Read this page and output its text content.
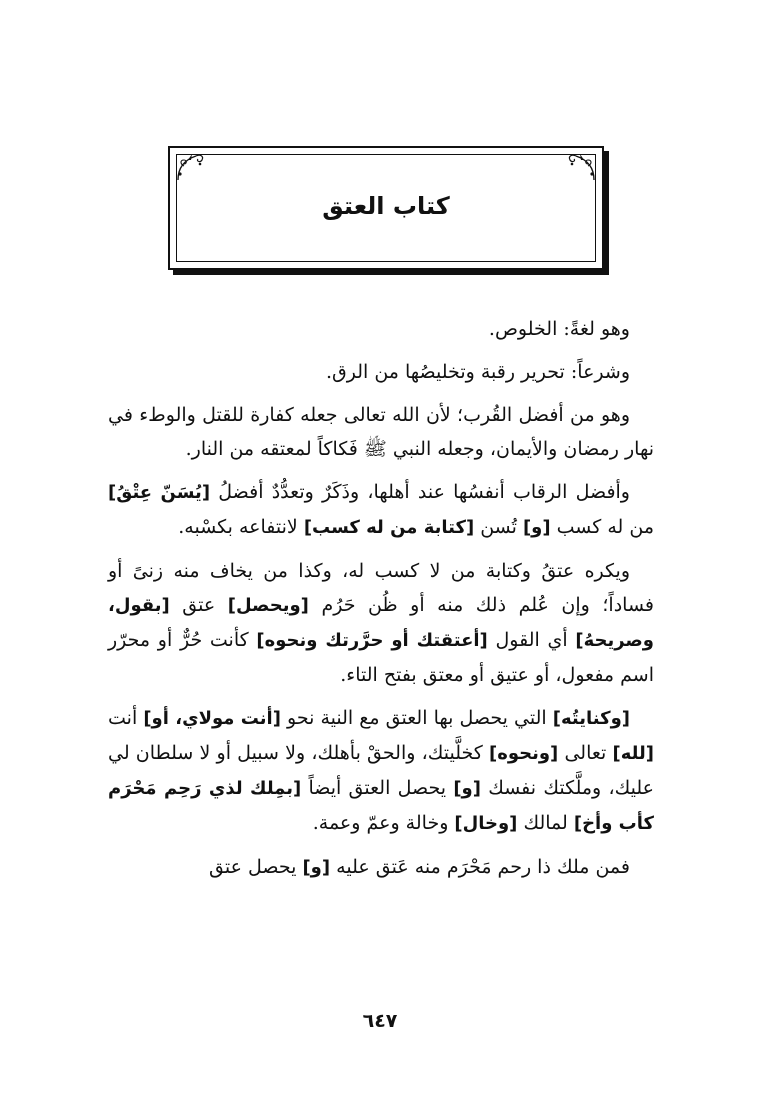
كتاب العتق

وهو لغةً: الخلوص.

وشرعاً: تحرير رقبة وتخليصُها من الرق.

وهو من أفضل القُرب؛ لأن الله تعالى جعله كفارة للقتل والوطء في نهار رمضان والأيمان، وجعله النبي ﷺ فَكاكاً لمعتقه من النار.

وأفضل الرقاب أنفسُها عند أهلها، وذَكَرٌ وتعدُّدٌ أفضلُ [يُسَنّ عِتْقُ] من له كسب [و] تُسن [كتابة من له كسب] لانتفاعه بكسْبه.

ويكره عتقُ وكتابة من لا كسب له، وكذا من يخاف منه زنىً أو فساداً؛ وإن عُلم ذلك منه أو ظُن حَرُم [ويحصل] عتق [بقول، وصريحهُ] أي القول [أعتقتك أو حرَّرتك ونحوه] كأنت حُرٌّ أو محرّر اسم مفعول، أو عتيق أو معتق بفتح التاء.

[وكنايتُه] التي يحصل بها العتق مع النية نحو [أنت مولاي، أو] أنت [لله] تعالى [ونحوه] كخلَّيتك، والحقْ بأهلك، ولا سبيل أو لا سلطان لي عليك، وملَّكتك نفسك [و] يحصل العتق أيضاً [بمِلك لذي رَحِم مَحْرَم كأب وأخ] لمالك [وخال] وخالة وعمّ وعمة.

فمن ملك ذا رحم مَحْرَم منه عَتق عليه [و] يحصل عتق

٦٤٧
